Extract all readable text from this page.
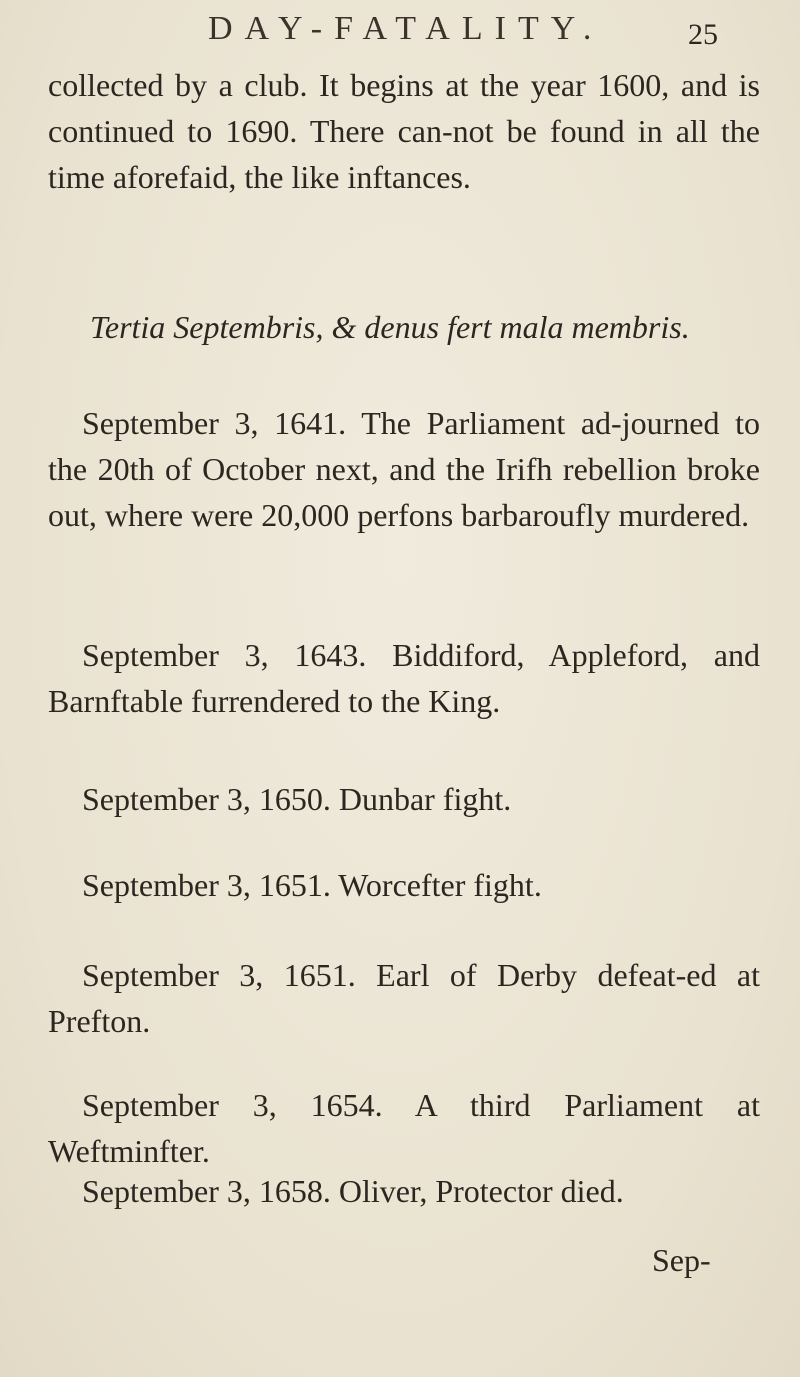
DAY-FATALITY.	25
collected by a club. It begins at the year 1600, and is continued to 1690. There can-not be found in all the time aforefaid, the like inftances.
Tertia Septembris, & denus fert mala membris.
September 3, 1641. The Parliament ad-journed to the 20th of October next, and the Irifh rebellion broke out, where were 20,000 perfons barbaroufly murdered.
September 3, 1643. Biddiford, Appleford, and Barnftable furrendered to the King.
September 3, 1650. Dunbar fight.
September 3, 1651. Worcefter fight.
September 3, 1651. Earl of Derby defeat-ed at Prefton.
September 3, 1654. A third Parliament at Weftminfter.
September 3, 1658. Oliver, Protector died.
Sep-
